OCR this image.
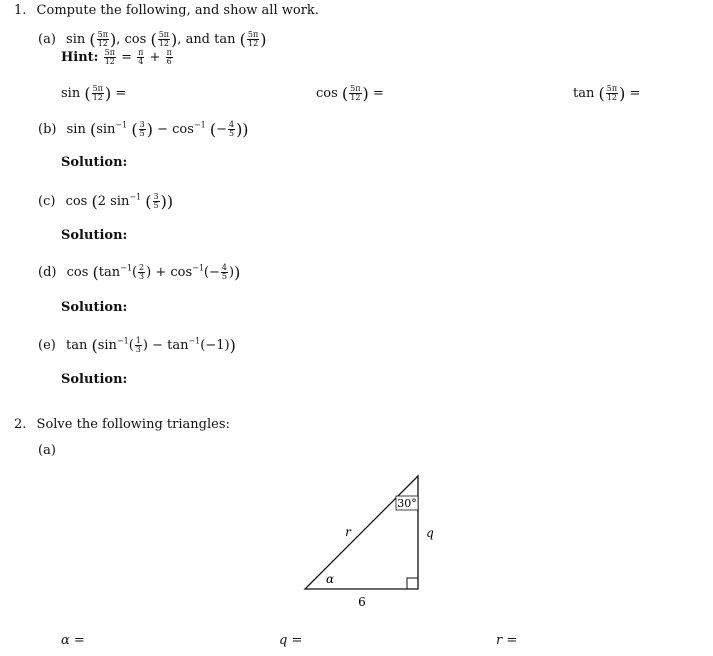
1. Compute the following, and show all work.
(a) sin ( $\frac{5\pi}{12}$ ), cos ( $\frac{5\pi}{12}$ ), and tan ( $\frac{5\pi}{12}$ )
Hint: $\frac{5\pi}{12} = \frac{\pi}{4} + \frac{\pi}{6}$
sin ( $\frac{5\pi}{12}$ ) =	cos ( $\frac{5\pi}{12}$ ) =	tan ( $\frac{5\pi}{12}$ ) =
(b) $\sin (\sin^{-1}$ ( $\frac{3}{5}$ ) − $\cos^{-1}$ (− $\frac{4}{5}$ ))
Solution:
(c) cos (2 $\sin^{-1}$ ( $\frac{3}{5}$ ))
Solution:
(d) $\cos (\tan^{-1}( \frac{2}{3}$ ) + $\cos^{-1}(- \frac{4}{5}$ ))
Solution:
(e) $\tan (\sin^{-1}( \frac{1}{3}$ ) − $\tan^{-1}(-1)$)
Solution:
2. Solve the following triangles:
(a)
30°
r	q
α
6
α =	q =	r =
